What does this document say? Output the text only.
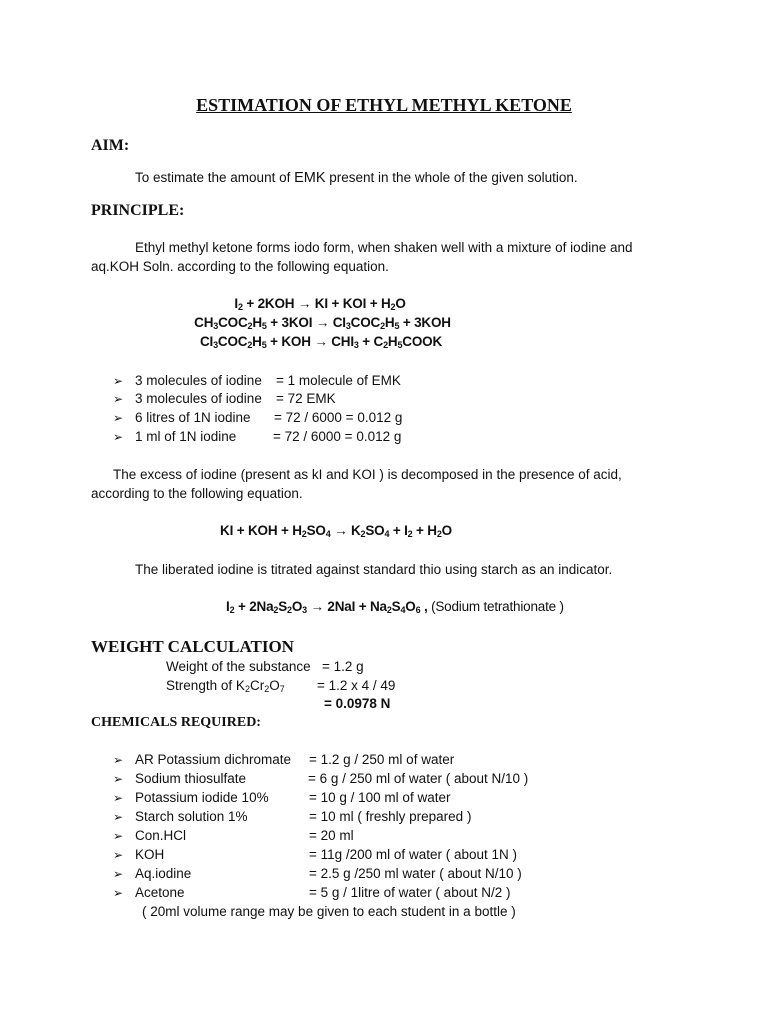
ESTIMATION OF ETHYL METHYL KETONE
AIM:
To estimate the amount of EMK present in the whole of the given solution.
PRINCIPLE:
Ethyl methyl ketone forms iodo form, when shaken well with a mixture of iodine and
aq.KOH Soln. according to the following equation.
$I_2 + 2KOH$ → KI + KOI + $H_2O$
$CH_3COC_2H_5 + 3KOI \to CI_3COC_2H_5 + 3KOH$
$CI_3COC_2H_5$ + KOH → $CHI_3$ + $C_2H_5COOK$
➢ 3 molecules of iodine = 1 molecule of EMK
➢ 3 molecules of iodine = 72 EMK
➢ 6 litres of 1N iodine = 72 / 6000 = 0.012 g
➢ 1 ml of 1N iodine	= 72 / 6000 = 0.012 g
The excess of iodine (present as kI and KOI ) is decomposed in the presence of acid,
according to the following equation.
KI + KOH + $H_2SO_4 \to K_2SO_4 + I_2 + H_2O$
The liberated iodine is titrated against standard thio using starch as an indicator.
$I_2 + 2Na_2S_2O_3 \to 2NaI + Na_2S_4O_6$ , (Sodium tetrathionate )
WEIGHT CALCULATION
Weight of the substance = 1.2 g
Strength of $K_2Cr_2O_7 = 1.2$ x 4 / 49
= 0.0978 N
CHEMICALS REQUIRED:
➢ AR Potassium dichromate = 1.2 g / 250 ml of water
➢ Sodium thiosulfate	= 6 g / 250 ml of water ( about N/10 )
➢ Potassium iodide 10%	= 10 g / 100 ml of water
➢ Starch solution 1%	= 10 ml ( freshly prepared )
➢ Con.HCl	= 20 ml
➢ KOH	= 11g /200 ml of water ( about 1N )
➢ Aq.iodine	= 2.5 g /250 ml water ( about N/10 )
➢ Acetone	= 5 g / 1litre of water ( about N/2 )
( 20ml volume range may be given to each student in a bottle )
